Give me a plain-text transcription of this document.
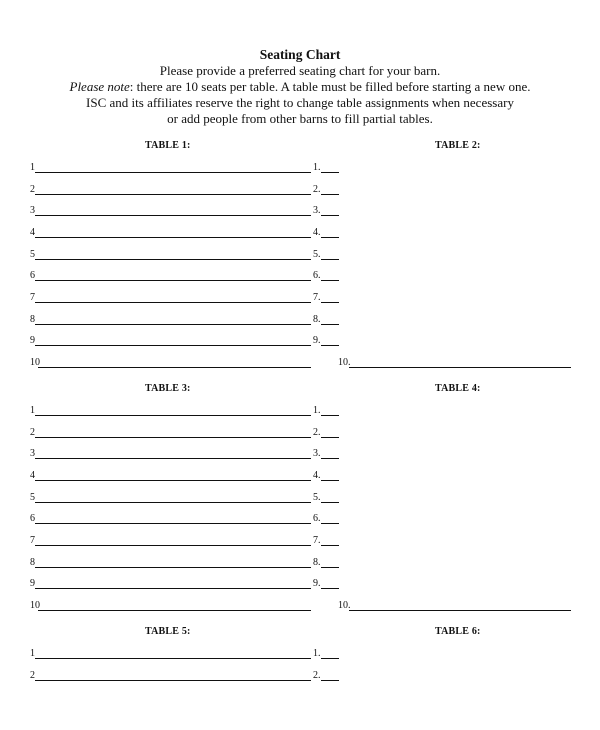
Seating Chart
Please provide a preferred seating chart for your barn.
Please note: there are 10 seats per table. A table must be filled before starting a new one.
ISC and its affiliates reserve the right to change table assignments when necessary
or add people from other barns to fill partial tables.
TABLE 1:
1
2
3
4
5
6
7
8
9
10
TABLE 2:
1.
2.
3.
4.
5.
6.
7.
8.
9.
10.
TABLE 3:
1
2
3
4
5
6
7
8
9
10
TABLE 4:
1.
2.
3.
4.
5.
6.
7.
8.
9.
10.
TABLE 5:
1
2
TABLE 6:
1.
2.
